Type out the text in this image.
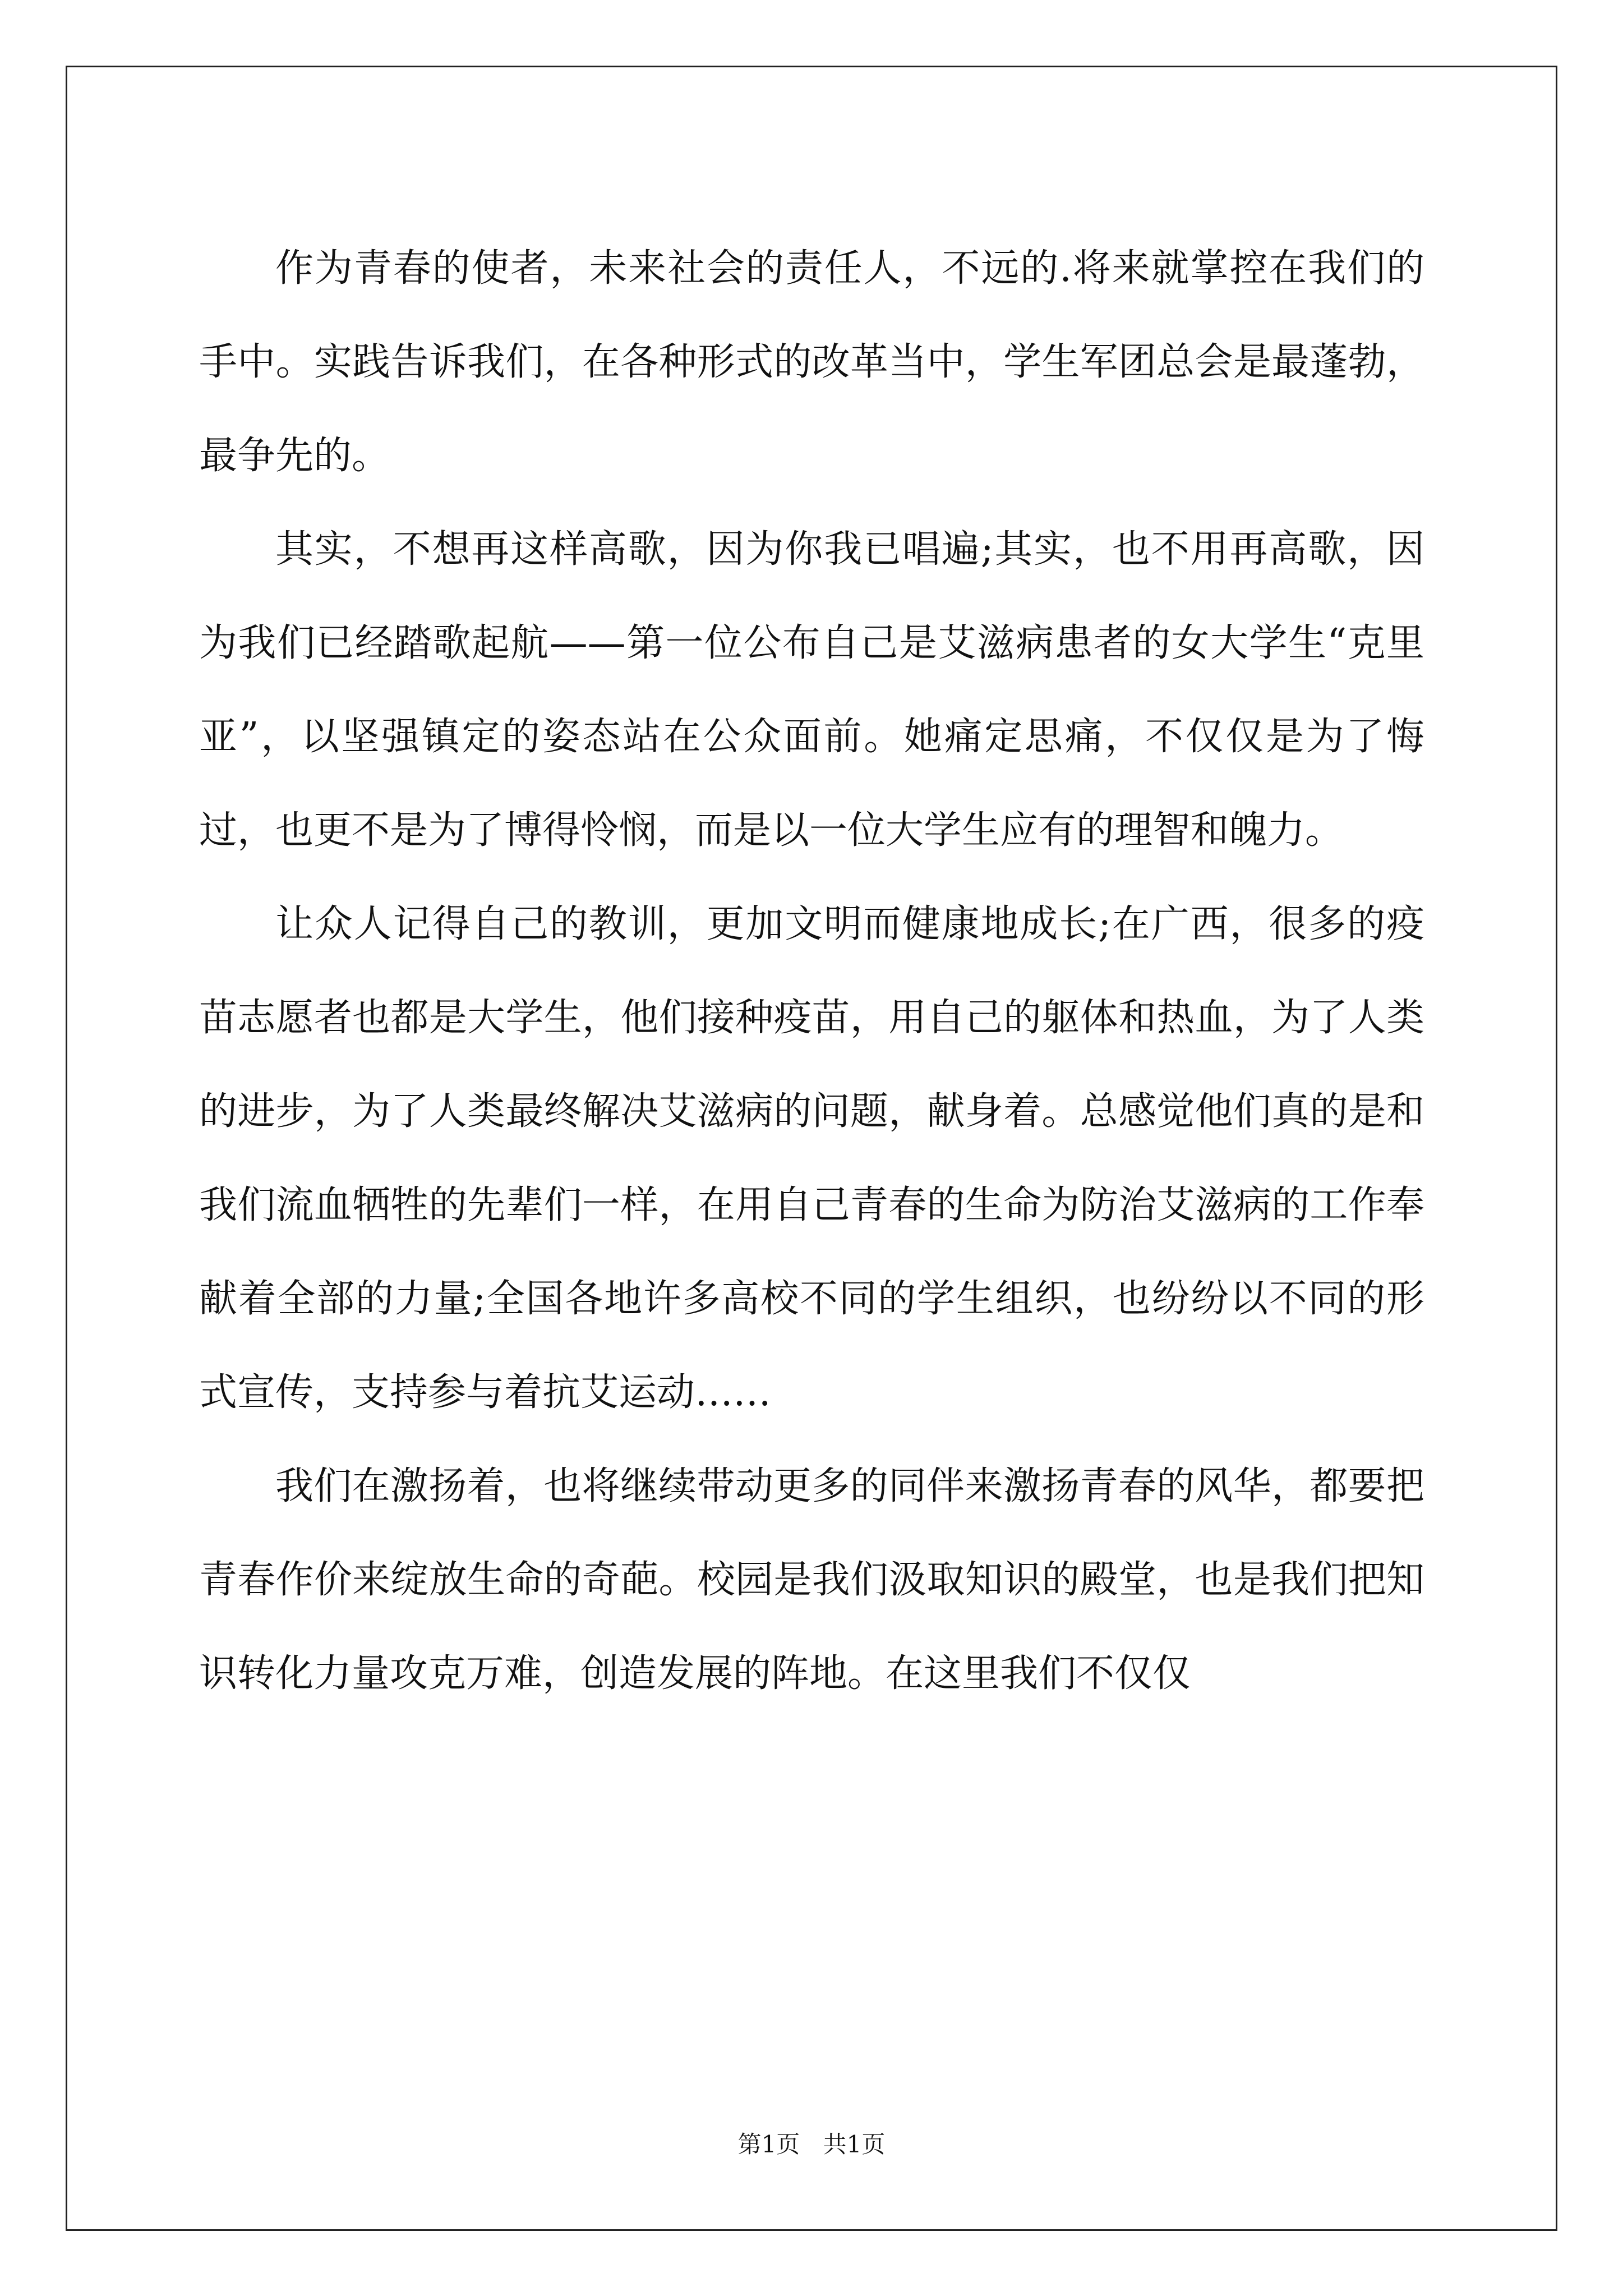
作为青春的使者，未来社会的责任人，不远的.将来就掌控在我们的手中。实践告诉我们，在各种形式的改革当中，学生军团总会是最蓬勃，最争先的。

其实，不想再这样高歌，因为你我已唱遍;其实，也不用再高歌，因为我们已经踏歌起航——第一位公布自己是艾滋病患者的女大学生“克里亚”，以坚强镇定的姿态站在公众面前。她痛定思痛，不仅仅是为了悔过，也更不是为了博得怜悯，而是以一位大学生应有的理智和魄力。

让众人记得自己的教训，更加文明而健康地成长;在广西，很多的疫苗志愿者也都是大学生，他们接种疫苗，用自己的躯体和热血，为了人类的进步，为了人类最终解决艾滋病的问题，献身着。总感觉他们真的是和我们流血牺牲的先辈们一样，在用自己青春的生命为防治艾滋病的工作奉献着全部的力量;全国各地许多高校不同的学生组织，也纷纷以不同的形式宣传，支持参与着抗艾运动……

我们在激扬着，也将继续带动更多的同伴来激扬青春的风华，都要把青春作价来绽放生命的奇葩。校园是我们汲取知识的殿堂，也是我们把知识转化力量攻克万难，创造发展的阵地。在这里我们不仅仅

第1页 共1页
